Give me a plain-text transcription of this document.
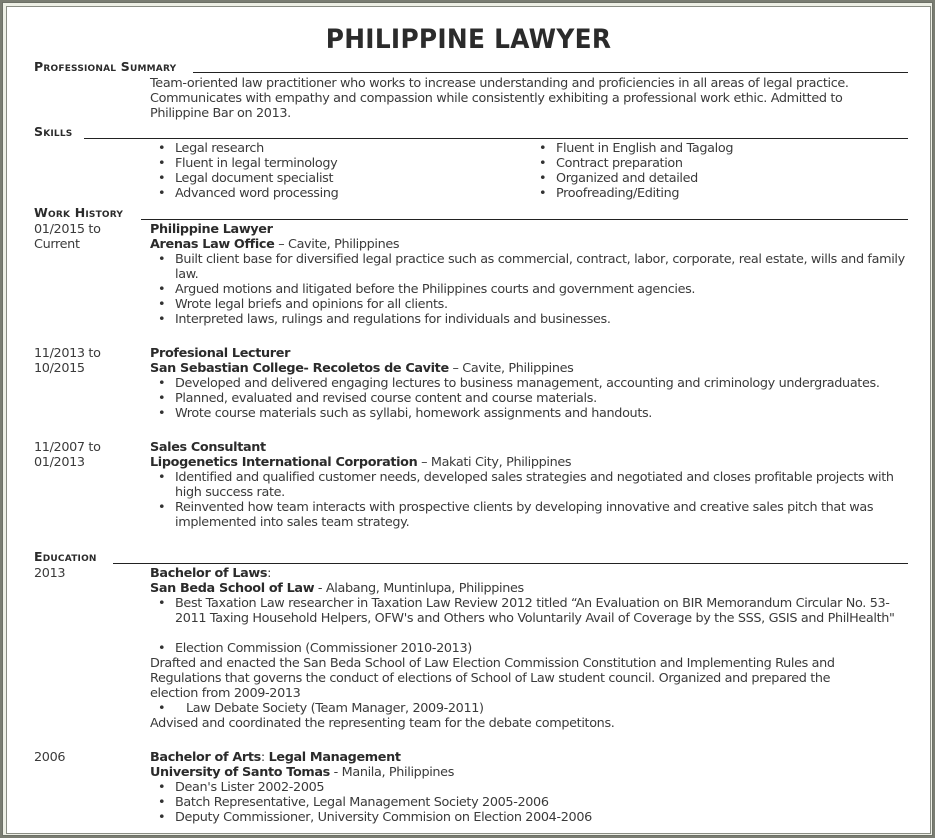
PHILIPPINE LAWYER
Professional Summary
Team-oriented law practitioner who works to increase understanding and proficiencies in all areas of legal practice. Communicates with empathy and compassion while consistently exhibiting a professional work ethic. Admitted to Philippine Bar on 2013.
Skills
• Legal research
• Fluent in legal terminology
• Legal document specialist
• Advanced word processing
• Fluent in English and Tagalog
• Contract preparation
• Organized and detailed
• Proofreading/Editing
Work History
01/2015 to
Current
Philippine Lawyer
Arenas Law Office – Cavite, Philippines
• Built client base for diversified legal practice such as commercial, contract, labor, corporate, real estate, wills and family law.
• Argued motions and litigated before the Philippines courts and government agencies.
• Wrote legal briefs and opinions for all clients.
• Interpreted laws, rulings and regulations for individuals and businesses.
11/2013 to
10/2015
Profesional Lecturer
San Sebastian College- Recoletos de Cavite – Cavite, Philippines
• Developed and delivered engaging lectures to business management, accounting and criminology undergraduates.
• Planned, evaluated and revised course content and course materials.
• Wrote course materials such as syllabi, homework assignments and handouts.
11/2007 to
01/2013
Sales Consultant
Lipogenetics International Corporation – Makati City, Philippines
• Identified and qualified customer needs, developed sales strategies and negotiated and closes profitable projects with high success rate.
• Reinvented how team interacts with prospective clients by developing innovative and creative sales pitch that was implemented into sales team strategy.
Education
2013	Bachelor of Laws:
San Beda School of Law - Alabang, Muntinlupa, Philippines
• Best Taxation Law researcher in Taxation Law Review 2012 titled “An Evaluation on BIR Memorandum Circular No. 53-2011 Taxing Household Helpers, OFW's and Others who Voluntarily Avail of Coverage by the SSS, GSIS and PhilHealth"
• Election Commission (Commissioner 2010-2013)
Drafted and enacted the San Beda School of Law Election Commission Constitution and Implementing Rules and Regulations that governs the conduct of elections of School of Law student council. Organized and prepared the election from 2009-2013
• Law Debate Society (Team Manager, 2009-2011)
Advised and coordinated the representing team for the debate competitons.
2006	Bachelor of Arts: Legal Management
University of Santo Tomas - Manila, Philippines
• Dean's Lister 2002-2005
• Batch Representative, Legal Management Society 2005-2006
• Deputy Commissioner, University Commision on Election 2004-2006
